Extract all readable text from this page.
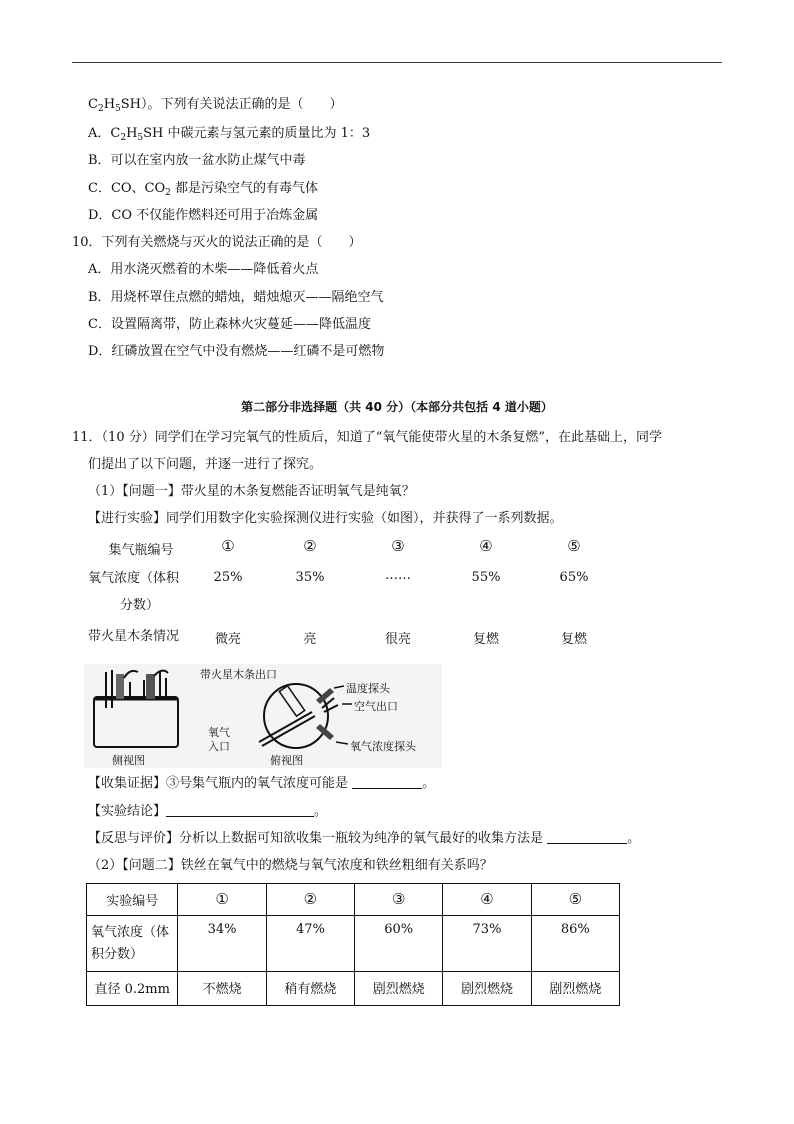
$C_2H_5SH$）。下列有关说法正确的是（　　）
A．$C_2H_5SH$ 中碳元素与氢元素的质量比为 1：3
B．可以在室内放一盆水防止煤气中毒
C．CO、$CO_2$ 都是污染空气的有毒气体
D．CO 不仅能作燃料还可用于冶炼金属
10．下列有关燃烧与灭火的说法正确的是（　　）
A．用水浇灭燃着的木柴——降低着火点
B．用烧杯罩住点燃的蜡烛，蜡烛熄灭——隔绝空气
C．设置隔离带，防止森林火灾蔓延——降低温度
D．红磷放置在空气中没有燃烧——红磷不是可燃物
第二部分非选择题（共 40 分）（本部分共包括 4 道小题）
11．（10 分）同学们在学习完氧气的性质后，知道了“氧气能使带火星的木条复燃”，在此基础上，同学
们提出了以下问题，并逐一进行了探究。
（1）【问题一】带火星的木条复燃能否证明氧气是纯氧？
【进行实验】同学们用数字化实验探测仪进行实验（如图），并获得了一系列数据。
集气瓶编号	①	②	③	④	⑤
氧气浓度（体积
分数）
25%	35%	……	55%	65%
带火星木条情况	微亮	亮	很亮	复燃	复燃
带火星木条出口
温度探头
空气出口
氧气
入口	氧气浓度探头
侧视图	俯视图
【收集证据】③号集气瓶内的氧气浓度可能是	。
【实验结论】	。
【反思与评价】分析以上数据可知欲收集一瓶较为纯净的氧气最好的收集方法是	。
（2）【问题二】铁丝在氧气中的燃烧与氧气浓度和铁丝粗细有关系吗？
实验编号	①	②	③	④	⑤
氧气浓度（体
积分数）	34%	47%	60%	73%	86%
直径 0.2mm	不燃烧	稍有燃烧	剧烈燃烧	剧烈燃烧	剧烈燃烧
